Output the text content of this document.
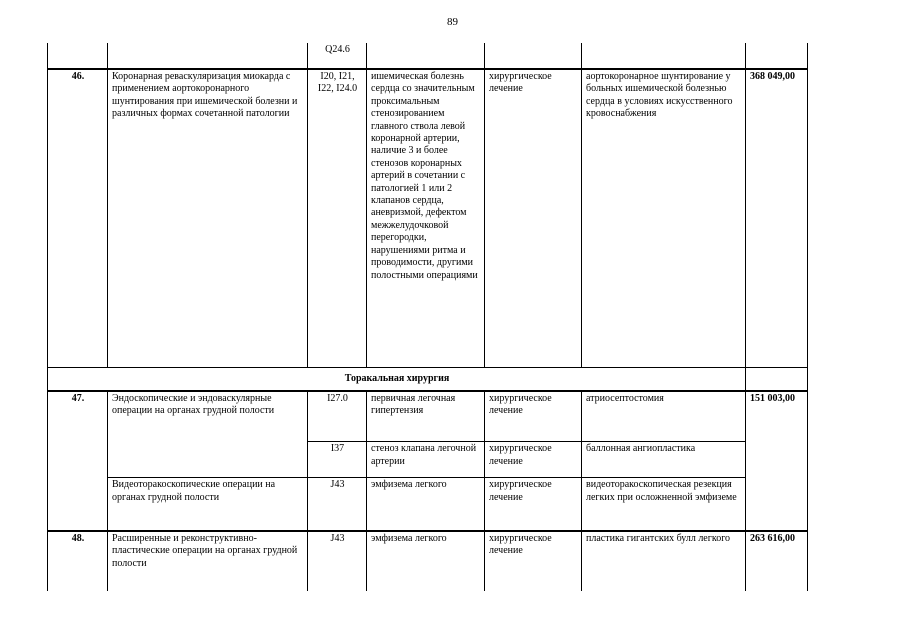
89
		Q24.6				
46.	Коронарная реваскуляризация миокарда с применением аортокоронарного шунтирования при ишемической болезни и различных формах сочетанной патологии	I20, I21, I22, I24.0	ишемическая болезнь сердца со значительным проксимальным стенозированием главного ствола левой коронарной артерии, наличие 3 и более стенозов коронарных артерий в сочетании с патологией 1 или 2 клапанов сердца, аневризмой, дефектом межжелудочковой перегородки, нарушениями ритма и проводимости, другими полостными операциями	хирургическое лечение	аортокоронарное шунтирование у больных ишемической болезнью сердца в условиях искусственного кровоснабжения	368 049,00
Торакальная хирургия						
47.	Эндоскопические и эндоваскулярные операции на органах грудной полости	I27.0	первичная легочная гипертензия	хирургическое лечение	атриосептостомия	151 003,00
		I37	стеноз клапана легочной артерии	хирургическое лечение	баллонная ангиопластика	
	Видеоторакоскопические операции на органах грудной полости	J43	эмфизема легкого	хирургическое лечение	видеоторакоскопическая резекция легких при осложненной эмфиземе	
48.	Расширенные и реконструктивно-пластические операции на органах грудной полости	J43	эмфизема легкого	хирургическое лечение	пластика гигантских булл легкого	263 616,00
